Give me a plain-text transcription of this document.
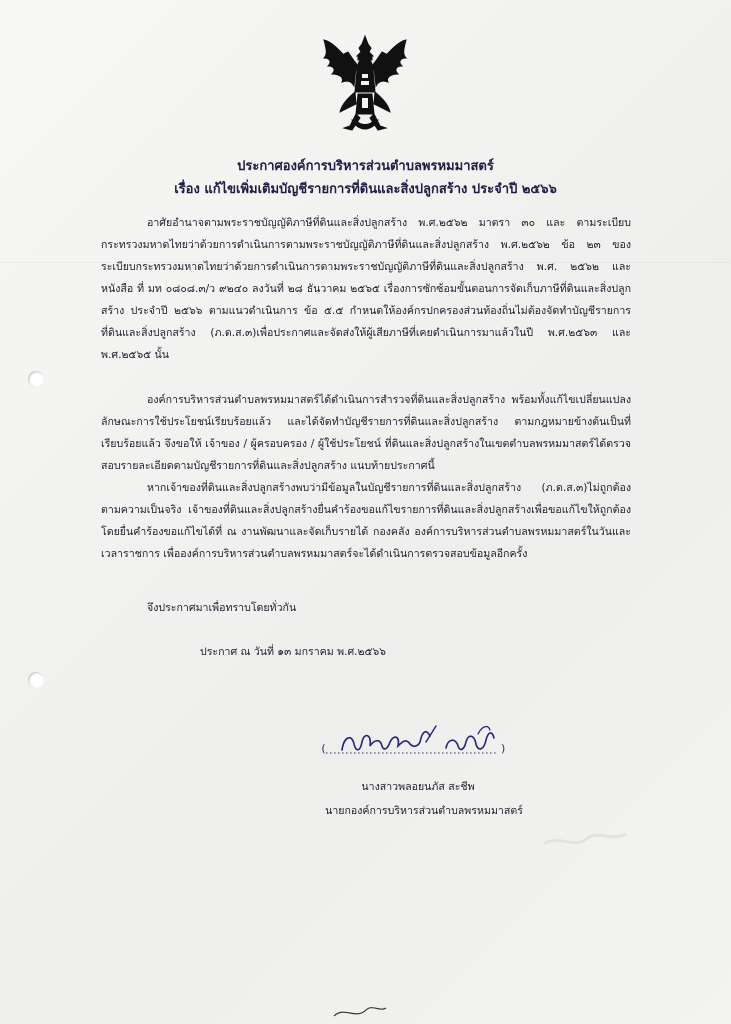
ประกาศองค์การบริหารส่วนตำบลพรหมมาสตร์
เรื่อง แก้ไขเพิ่มเติมบัญชีรายการที่ดินและสิ่งปลูกสร้าง ประจำปี ๒๕๖๖
อาศัยอำนาจตามพระราชบัญญัติภาษีที่ดินและสิ่งปลูกสร้าง พ.ศ.๒๕๖๒ มาตรา ๓๐ และ ตามระเบียบกระทรวงมหาดไทยว่าด้วยการดำเนินการตามพระราชบัญญัติภาษีที่ดินและสิ่งปลูกสร้าง พ.ศ.๒๕๖๒ ข้อ ๒๓ ของระเบียบกระทรวงมหาดไทยว่าด้วยการดำเนินการตามพระราชบัญญัติภาษีที่ดินและสิ่งปลูกสร้าง พ.ศ. ๒๕๖๒ และหนังสือ ที่ มท ๐๘๐๘.๓/ว ๙๒๔๐ ลงวันที่ ๒๘ ธันวาคม ๒๕๖๕ เรื่องการซักซ้อมขั้นตอนการจัดเก็บภาษีที่ดินและสิ่งปลูกสร้าง ประจำปี ๒๕๖๖ ตามแนวดำเนินการ ข้อ ๕.๕ กำหนดให้องค์กรปกครองส่วนท้องถิ่นไม่ต้องจัดทำบัญชีรายการที่ดินและสิ่งปลูกสร้าง (ภ.ด.ส.๓)เพื่อประกาศและจัดส่งให้ผู้เสียภาษีที่เคยดำเนินการมาแล้วในปี พ.ศ.๒๕๖๓ และ พ.ศ.๒๕๖๕ นั้น
องค์การบริหารส่วนตำบลพรหมมาสตร์ได้ดำเนินการสำรวจที่ดินและสิ่งปลูกสร้าง พร้อมทั้งแก้ไขเปลี่ยนแปลงลักษณะการใช้ประโยชน์เรียบร้อยแล้ว และได้จัดทำบัญชีรายการที่ดินและสิ่งปลูกสร้าง ตามกฎหมายข้างต้นเป็นที่เรียบร้อยแล้ว จึงขอให้ เจ้าของ / ผู้ครอบครอง / ผู้ใช้ประโยชน์ ที่ดินและสิ่งปลูกสร้างในเขตตำบลพรหมมาสตร์ได้ตรวจสอบรายละเอียดตามบัญชีรายการที่ดินและสิ่งปลูกสร้าง แนบท้ายประกาศนี้
หากเจ้าของที่ดินและสิ่งปลูกสร้างพบว่ามีข้อมูลในบัญชีรายการที่ดินและสิ่งปลูกสร้าง (ภ.ด.ส.๓)ไม่ถูกต้องตามความเป็นจริง เจ้าของที่ดินและสิ่งปลูกสร้างยื่นคำร้องขอแก้ไขรายการที่ดินและสิ่งปลูกสร้างเพื่อขอแก้ไขให้ถูกต้อง โดยยื่นคำร้องขอแก้ไขได้ที่ ณ งานพัฒนาและจัดเก็บรายได้ กองคลัง องค์การบริหารส่วนตำบลพรหมมาสตร์ในวันและเวลาราชการ เพื่อองค์การบริหารส่วนตำบลพรหมมาสตร์จะได้ดำเนินการตรวจสอบข้อมูลอีกครั้ง
จึงประกาศมาเพื่อทราบโดยทั่วกัน
ประกาศ ณ วันที่ ๑๓ มกราคม พ.ศ.๒๕๖๖
(	)
นางสาวพลอยนภัส สะชีพ
นายกองค์การบริหารส่วนตำบลพรหมมาสตร์
